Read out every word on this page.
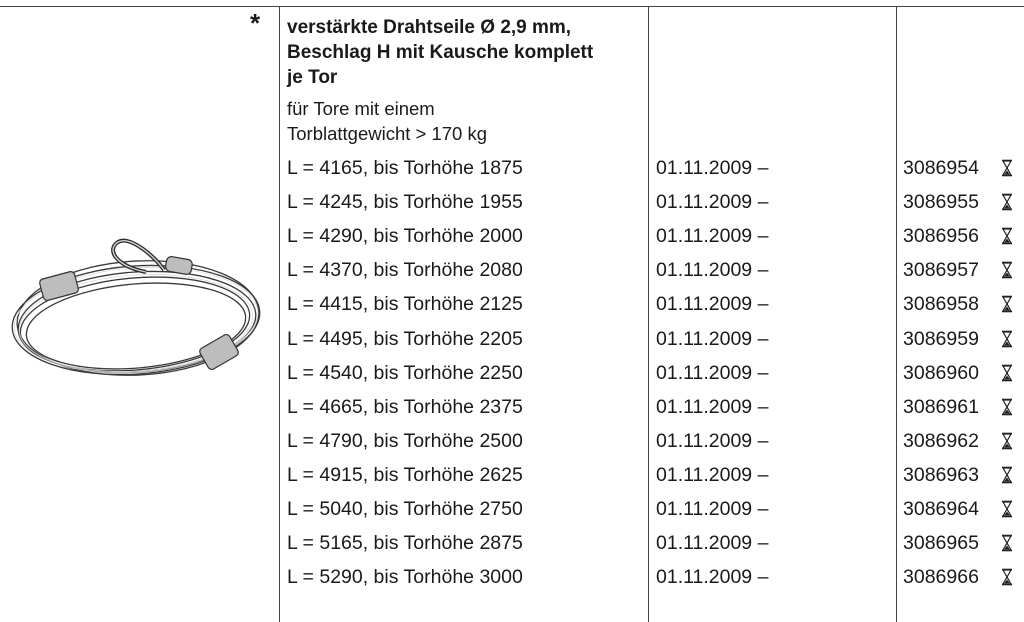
* verstärkte Drahtseile Ø 2,9 mm,
Beschlag H mit Kausche komplett
je Tor
für Tore mit einem
Torblattgewicht > 170 kg
L = 4165, bis Torhöhe 1875	01.11.2009 –	3086954
L = 4245, bis Torhöhe 1955	01.11.2009 –	3086955
L = 4290, bis Torhöhe 2000	01.11.2009 –	3086956
L = 4370, bis Torhöhe 2080	01.11.2009 –	3086957
L = 4415, bis Torhöhe 2125	01.11.2009 –	3086958
L = 4495, bis Torhöhe 2205	01.11.2009 –	3086959
L = 4540, bis Torhöhe 2250	01.11.2009 –	3086960
L = 4665, bis Torhöhe 2375	01.11.2009 –	3086961
L = 4790, bis Torhöhe 2500	01.11.2009 –	3086962
L = 4915, bis Torhöhe 2625	01.11.2009 –	3086963
L = 5040, bis Torhöhe 2750	01.11.2009 –	3086964
L = 5165, bis Torhöhe 2875	01.11.2009 –	3086965
L = 5290, bis Torhöhe 3000	01.11.2009 –	3086966
